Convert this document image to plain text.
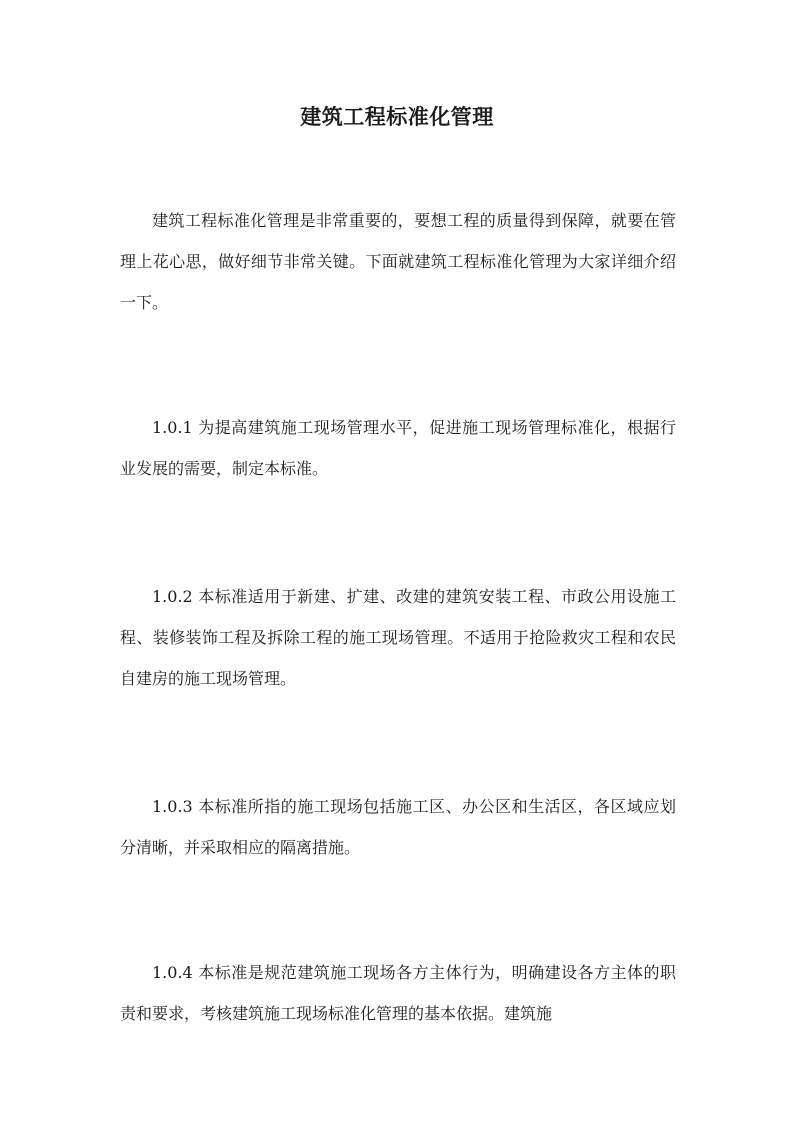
建筑工程标准化管理

建筑工程标准化管理是非常重要的，要想工程的质量得到保障，就要在管理上花心思，做好细节非常关键。下面就建筑工程标准化管理为大家详细介绍一下。

1.0.1 为提高建筑施工现场管理水平，促进施工现场管理标准化，根据行业发展的需要，制定本标准。

1.0.2 本标准适用于新建、扩建、改建的建筑安装工程、市政公用设施工程、装修装饰工程及拆除工程的施工现场管理。不适用于抢险救灾工程和农民自建房的施工现场管理。

1.0.3 本标准所指的施工现场包括施工区、办公区和生活区，各区域应划分清晰，并采取相应的隔离措施。

1.0.4 本标准是规范建筑施工现场各方主体行为，明确建设各方主体的职责和要求，考核建筑施工现场标准化管理的基本依据。建筑施
